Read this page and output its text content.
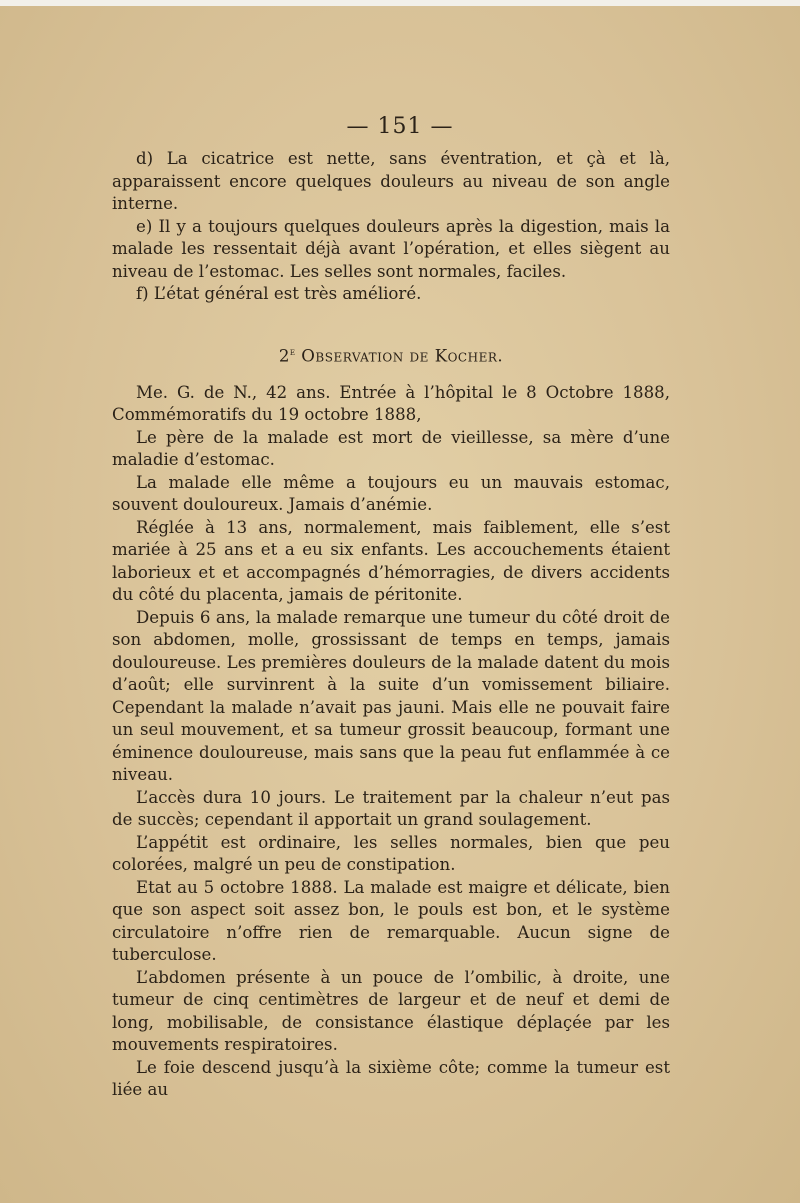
— 151 —

d) La cicatrice est nette, sans éventration, et çà et là, apparaissent encore quelques douleurs au niveau de son angle interne.

e) Il y a toujours quelques douleurs après la digestion, mais la malade les ressentait déjà avant l’opération, et elles siègent au niveau de l’estomac. Les selles sont normales, faciles.

f) L’état général est très amélioré.

2e Observation de Kocher.

Me. G. de N., 42 ans. Entrée à l’hôpital le 8 Octobre 1888, Commémoratifs du 19 octobre 1888,

Le père de la malade est mort de vieillesse, sa mère d’une maladie d’estomac.

La malade elle même a toujours eu un mauvais estomac, souvent douloureux. Jamais d’anémie.

Réglée à 13 ans, normalement, mais faiblement, elle s’est mariée à 25 ans et a eu six enfants. Les accouchements étaient laborieux et et accompagnés d’hémorragies, de divers accidents du côté du placenta, jamais de péritonite.

Depuis 6 ans, la malade remarque une tumeur du côté droit de son abdomen, molle, grossissant de temps en temps, jamais douloureuse. Les premières douleurs de la malade datent du mois d’août; elle survinrent à la suite d’un vomissement biliaire. Cependant la malade n’avait pas jauni. Mais elle ne pouvait faire un seul mouvement, et sa tumeur grossit beaucoup, formant une éminence douloureuse, mais sans que la peau fut enflammée à ce niveau.

L’accès dura 10 jours. Le traitement par la chaleur n’eut pas de succès; cependant il apportait un grand soulagement.

L’appétit est ordinaire, les selles normales, bien que peu colorées, malgré un peu de constipation.

Etat au 5 octobre 1888. La malade est maigre et délicate, bien que son aspect soit assez bon, le pouls est bon, et le système circulatoire n’offre rien de remarquable. Aucun signe de tuberculose.

L’abdomen présente à un pouce de l’ombilic, à droite, une tumeur de cinq centimètres de largeur et de neuf et demi de long, mobilisable, de consistance élastique déplaçée par les mouvements respiratoires.

Le foie descend jusqu’à la sixième côte; comme la tumeur est liée au
